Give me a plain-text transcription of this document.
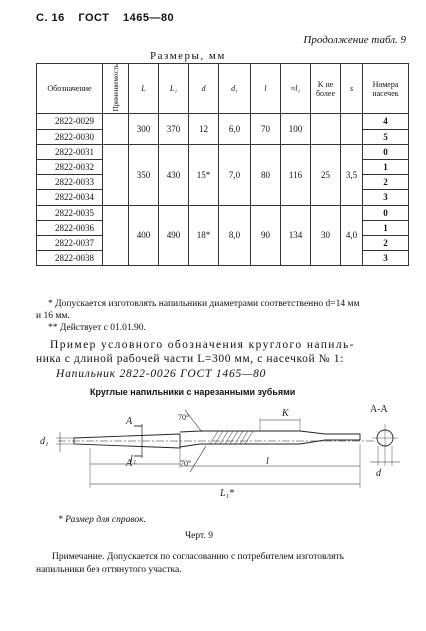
С. 16 ГОСТ 1465—80
Продолжение табл. 9
Размеры, мм
Обозначение	Применяемость	L	L₁	d	d₁	l	≈l₁	K не более	s	Номера насечек
2822-0029		300	370	12	6,0	70	100			4
2822-0030										5
2822-0031		350	430	15*	7,0	80	116	25	3,5	0
2822-0032										1
2822-0033										2
2822-0034										3
2822-0035		400	490	18*	8,0	90	134	30	4,0	0
2822-0036										1
2822-0037										2
2822-0038										3
* Допускается изготовлять напильники диаметрами соответственно d=14 мм
и 16 мм.
** Действует с 01.01.90.
Пример условного обозначения круглого напиль-
ника с длиной рабочей части L=300 мм, с насечкой № 1:
Напильник 2822-0026 ГОСТ 1465—80
Круглые напильники с нарезанными зубьями
A
A
d₁
70°
70°
K
l₁	l
L₁*
A-A
d
* Размер для справок.
Черт. 9
Примечание. Допускается по согласованию с потребителем изготовлять
напильники без оттянутого участка.
